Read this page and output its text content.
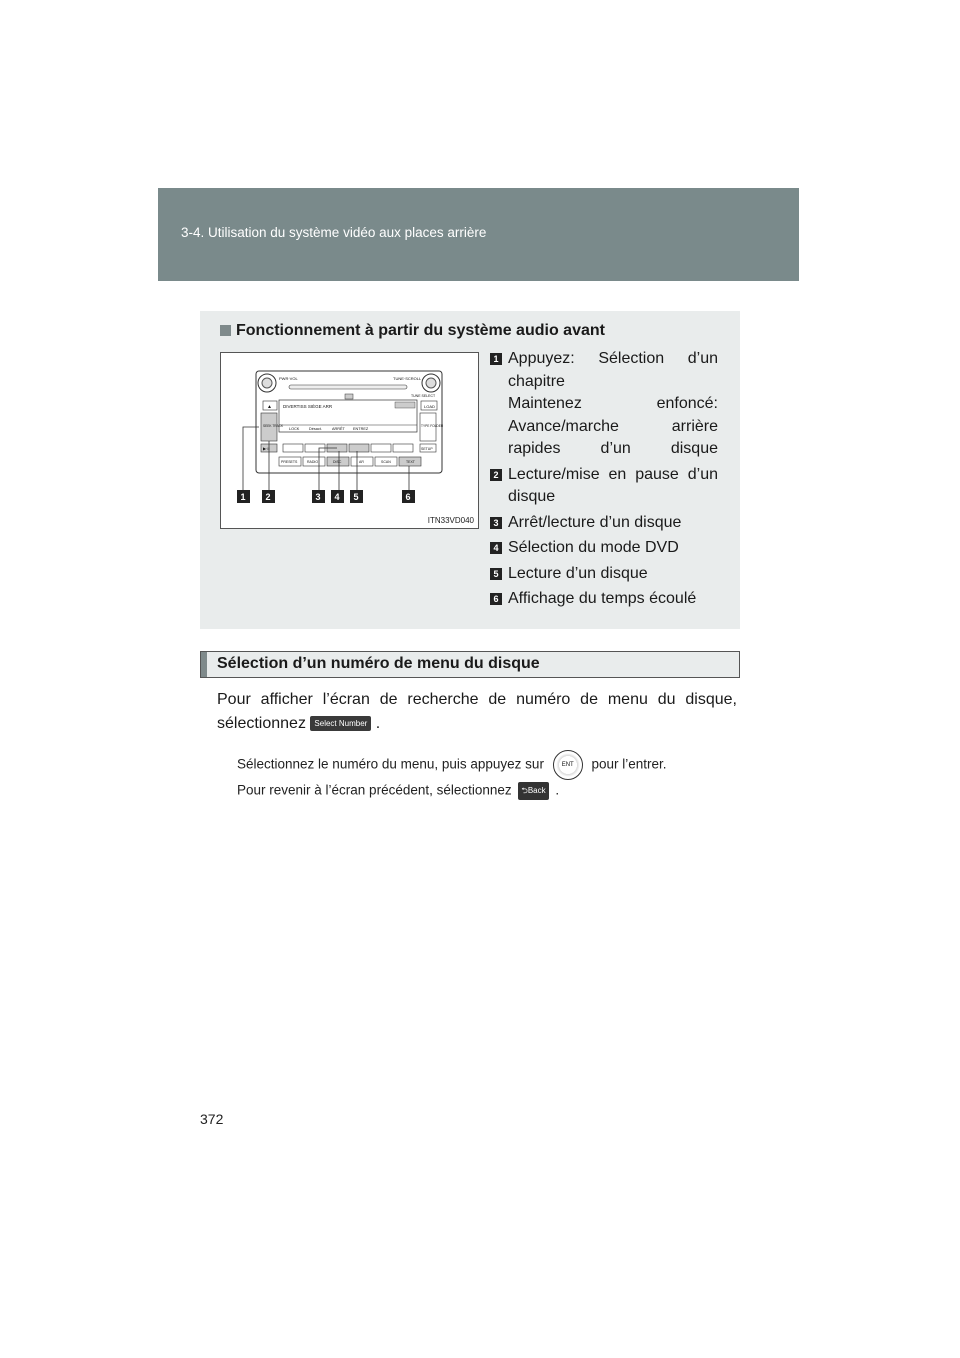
3-4. Utilisation du système vidéo aux places arrière
372
Fonctionnement à partir du système audio avant
PWR·VOL	TUNE·SCROLL
TUNE SELECT
▲	LOAD
DIVERTISS SIÈGE ARR
LOCK	Désact.	ARRÊT ENTREZ
SEEK TRACK	TYPE FOLDER
▶·II	SETUP
PRESETS	RADIO	DISC	AR	SCAN	TEXT
1 2	3 4 5	6
ITN33VD040
1 Appuyez: Sélection d’un chapitre
Maintenez enfoncé: Avance/marche arrière rapides d’un disque
2 Lecture/mise en pause d’un disque
3 Arrêt/lecture d’un disque
4 Sélection du mode DVD
5 Lecture d’un disque
6 Affichage du temps écoulé
Sélection d’un numéro de menu du disque
Pour afficher l’écran de recherche de numéro de menu du disque, sélectionnez Select Number .
Sélectionnez le numéro du menu, puis appuyez sur	ENT pour l’entrer.
Pour revenir à l’écran précédent, sélectionnez ⮌Back .
